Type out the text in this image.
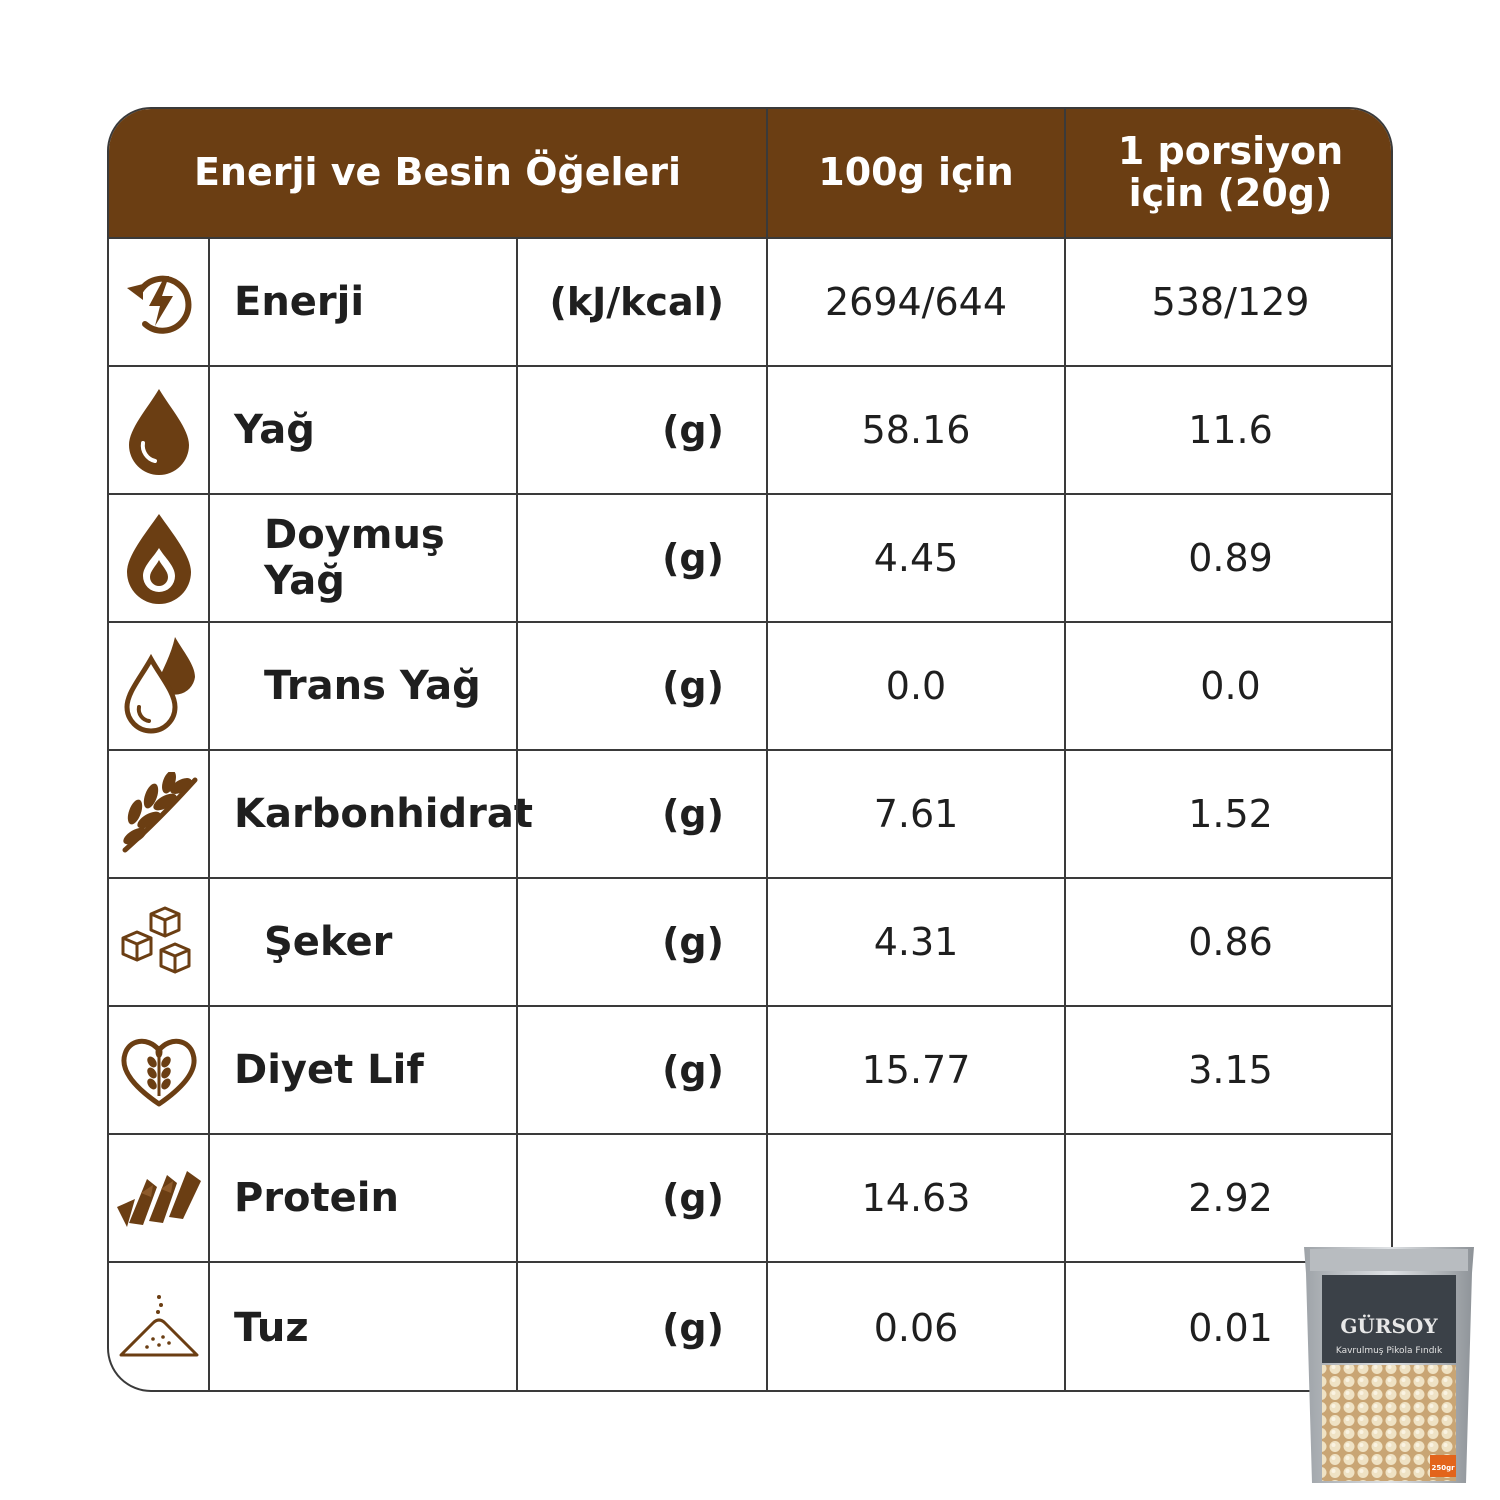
Enerji ve Besin Öğeleri	100g için	1 porsiyon
için (20g)
Enerji	(kJ/kcal)	2694/644	538/129
Yağ	(g)	58.16	11.6
Doymuş Yağ	(g)	4.45	0.89
Trans Yağ	(g)	0.0	0.0
Karbonhidrat	(g)	7.61	1.52
Şeker	(g)	4.31	0.86
Diyet Lif	(g)	15.77	3.15
Protein	(g)	14.63	2.92
Tuz	(g)	0.06	0.01	GÜRSOY
Kavrulmuş Pikola Fındık
250gr
